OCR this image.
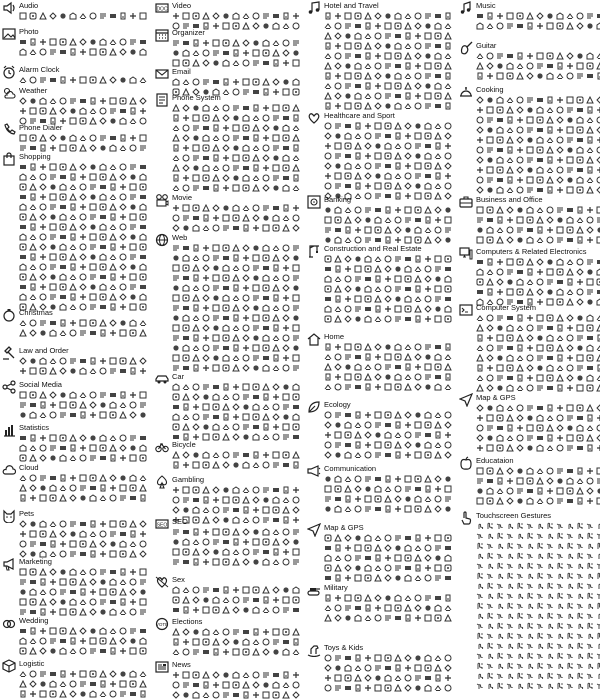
Audio
Photo
Alarm Clock
Weather
Phone Dialer
Shopping
Christmas
Law and Order
Social Media
Statistics
Cloud
Pets
Marketing
Wedding
Logistic
DOC Video
Organizer
Email
Phone System
Movie
Web
Car
Bicycle
Gambling
SEO SEO
Sex
VOTE Elections
News
Hotel and Travel
Healthcare and Sport
Banking
Construction and Real Estate
Home
Ecology
Communication
Map & GPS
Military
Toys & Kids
Music
Guitar
Cooking
Business and Office
Computers & Related Electronics
Computer System
Map & GPS
Educataion
Touchscreen Gestures
